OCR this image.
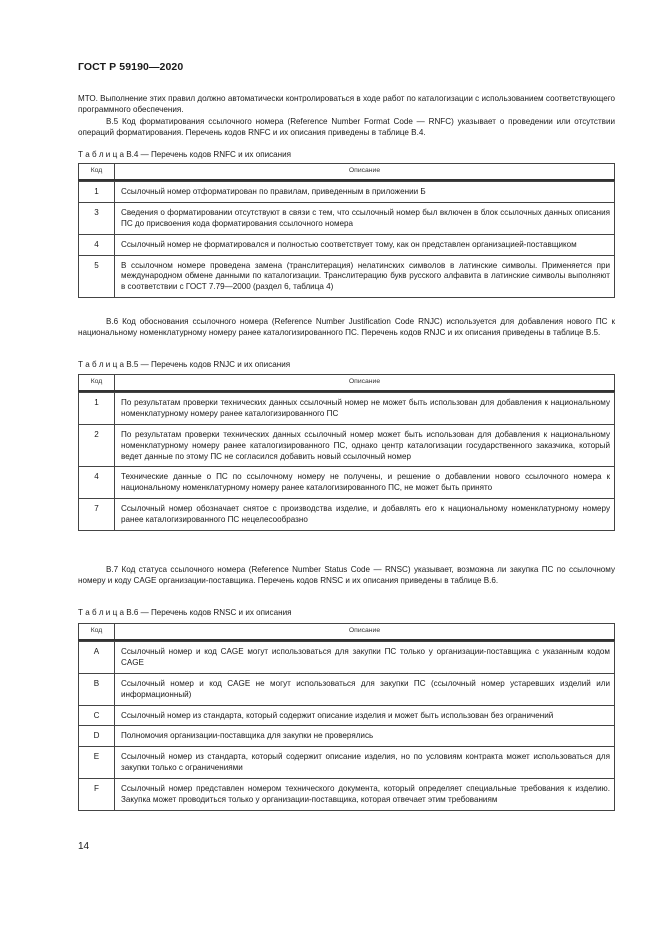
ГОСТ Р 59190—2020
МТО. Выполнение этих правил должно автоматически контролироваться в ходе работ по каталогизации с использованием соответствующего программного обеспечения.
В.5 Код форматирования ссылочного номера (Reference Number Format Code — RNFC) указывает о проведении или отсутствии операций форматирования. Перечень кодов RNFC и их описания приведены в таблице В.4.
Т а б л и ц а В.4 — Перечень кодов RNFC и их описания
Код	Описание

1	Ссылочный номер отформатирован по правилам, приведенным в приложении Б
3	Сведения о форматировании отсутствуют в связи с тем, что ссылочный номер был включен в блок ссылочных данных описания ПС до присвоения кода форматирования ссылочного номера
4	Ссылочный номер не форматировался и полностью соответствует тому, как он представлен организацией-поставщиком
5	В ссылочном номере проведена замена (транслитерация) нелатинских символов в латинские символы. Применяется при международном обмене данными по каталогизации. Транслитерацию букв русского алфавита в латинские символы выполняют в соответствии с ГОСТ 7.79—2000 (раздел 6, таблица 4)
В.6 Код обоснования ссылочного номера (Reference Number Justification Code RNJC) используется для добавления нового ПС к национальному номенклатурному номеру ранее каталогизированного ПС. Перечень кодов RNJC и их описания приведены в таблице В.5.
Т а б л и ц а В.5 — Перечень кодов RNJC и их описания
Код	Описание

1	По результатам проверки технических данных ссылочный номер не может быть использован для добавления к национальному номенклатурному номеру ранее каталогизированного ПС
2	По результатам проверки технических данных ссылочный номер может быть использован для добавления к национальному номенклатурному номеру ранее каталогизированного ПС, однако центр каталогизации государственного заказчика, который ведет данные по этому ПС не согласился добавить новый ссылочный номер
4	Технические данные о ПС по ссылочному номеру не получены, и решение о добавлении нового ссылочного номера к национальному номенклатурному номеру ранее каталогизированного ПС, не может быть принято
7	Ссылочный номер обозначает снятое с производства изделие, и добавлять его к национальному номенклатурному номеру ранее каталогизированного ПС нецелесообразно
В.7 Код статуса ссылочного номера (Reference Number Status Code — RNSC) указывает, возможна ли закупка ПС по ссылочному номеру и коду CAGE организации-поставщика. Перечень кодов RNSC и их описания приведены в таблице В.6.
Т а б л и ц а В.6 — Перечень кодов RNSC и их описания
Код	Описание

А	Ссылочный номер и код CAGE могут использоваться для закупки ПС только у организации-поставщика с указанным кодом CAGE
В	Ссылочный номер и код CAGE не могут использоваться для закупки ПС (ссылочный номер устаревших изделий или информационный)
С	Ссылочный номер из стандарта, который содержит описание изделия и может быть использован без ограничений
D	Полномочия организации-поставщика для закупки не проверялись
Е	Ссылочный номер из стандарта, который содержит описание изделия, но по условиям контракта может использоваться для закупки только с ограничениями
F	Ссылочный номер представлен номером технического документа, который определяет специальные требования к изделию. Закупка может проводиться только у организации-поставщика, которая отвечает этим требованиям
14
